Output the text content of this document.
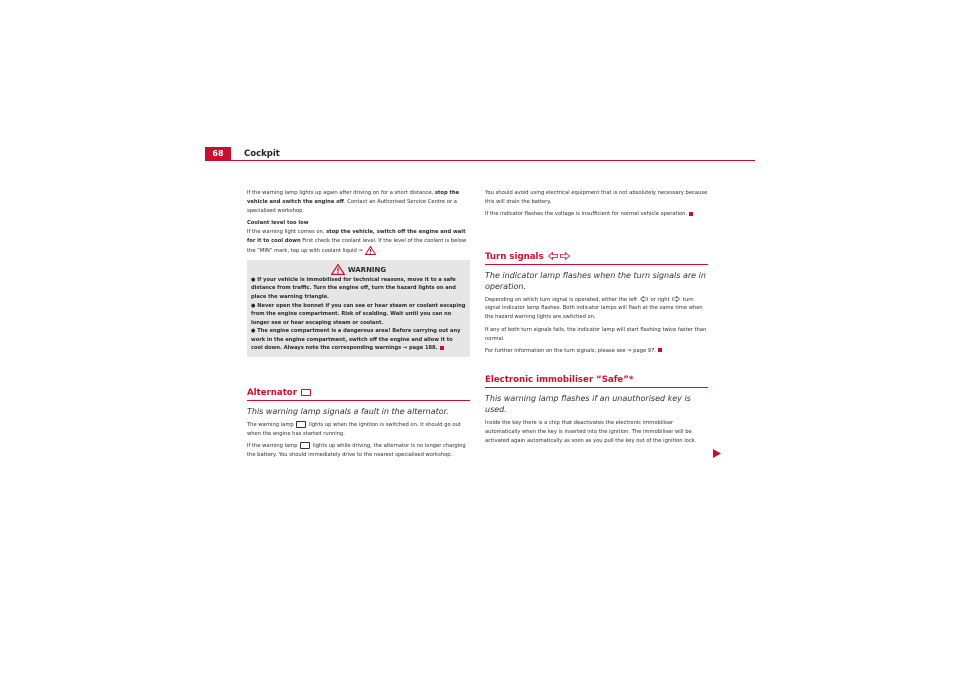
68	Cockpit

If the warning lamp lights up again after driving on for a short distance, stop the vehicle and switch the engine off. Contact an Authorised Service Centre or a specialised workshop.

Coolant level too low

If the warning light comes on, stop the vehicle, switch off the engine and wait for it to cool down First check the coolant level. If the level of the coolant is below the “MIN” mark, top up with coolant liquid ⇒	.

WARNING
● If your vehicle is immobilised for technical reasons, move it to a safe distance from traffic. Turn the engine off, turn the hazard lights on and place the warning triangle.
● Never open the bonnet if you can see or hear steam or coolant escaping from the engine compartment. Risk of scalding. Wait until you can no longer see or hear escaping steam or coolant.
● The engine compartment is a dangerous area! Before carrying out any work in the engine compartment, switch off the engine and allow it to cool down. Always note the corresponding warnings ⇒ page 188.
Alternator
This warning lamp signals a fault in the alternator.

The warning lamp  lights up when the ignition is switched on. It should go out when the engine has started running.

If the warning lamp  lights up while driving, the alternator is no longer charging the battery. You should immediately drive to the nearest specialised workshop.

You should avoid using electrical equipment that is not absolutely necessary because this will drain the battery.

If the indicator flashes the voltage is insufficient for normal vehicle operation.

Turn signals
The indicator lamp flashes when the turn signals are in operation.

Depending on which turn signal is operated, either the left  or right  turn signal indicator lamp flashes. Both indicator lamps will flash at the same time when the hazard warning lights are switched on.

If any of both turn signals fails, the indicator lamp will start flashing twice faster than normal.

For further information on the turn signals, please see ⇒ page 97.

Electronic immobiliser “Safe”*
This warning lamp flashes if an unauthorised key is used.

Inside the key there is a chip that deactivates the electronic immobiliser automatically when the key is inserted into the ignition. The immobiliser will be activated again automatically as soon as you pull the key out of the ignition lock.
